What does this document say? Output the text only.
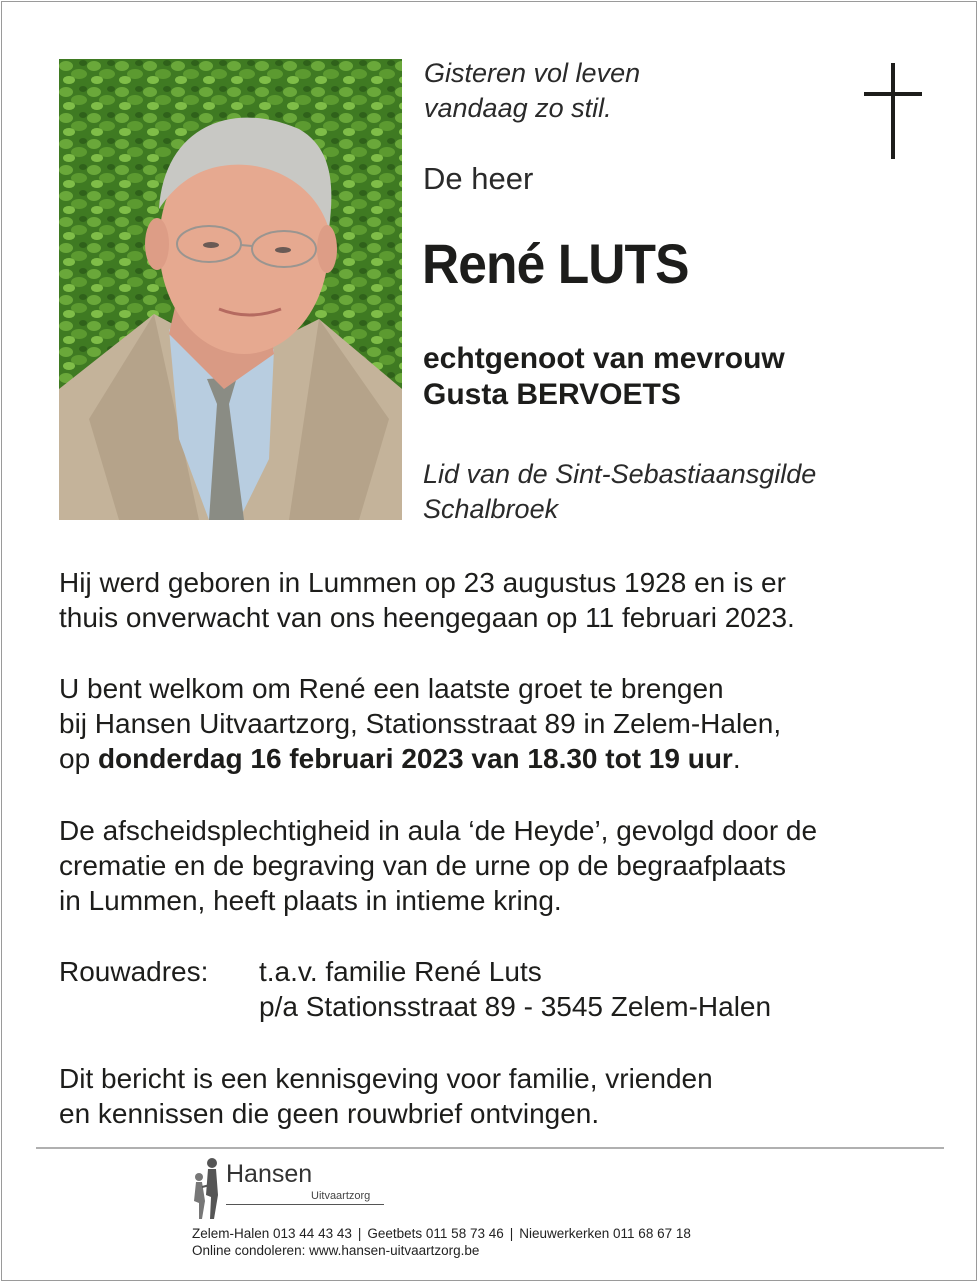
Gisteren vol leven
vandaag zo stil.
De heer
René LUTS
echtgenoot van mevrouw
Gusta BERVOETS
Lid van de Sint-Sebastiaansgilde
Schalbroek
Hij werd geboren in Lummen op 23 augustus 1928 en is er
thuis onverwacht van ons heengegaan op 11 februari 2023.
U bent welkom om René een laatste groet te brengen
bij Hansen Uitvaartzorg, Stationsstraat 89 in Zelem-Halen,
op donderdag 16 februari 2023 van 18.30 tot 19 uur.
De afscheidsplechtigheid in aula ‘de Heyde’, gevolgd door de
crematie en de begraving van de urne op de begraafplaats
in Lummen, heeft plaats in intieme kring.
Rouwadres: t.a.v. familie René Luts
p/a Stationsstraat 89 - 3545 Zelem-Halen
Dit bericht is een kennisgeving voor familie, vrienden
en kennissen die geen rouwbrief ontvingen.
Hansen
Uitvaartzorg
Zelem-Halen 013 44 43 43 | Geetbets 011 58 73 46 | Nieuwerkerken 011 68 67 18
Online condoleren: www.hansen-uitvaartzorg.be
